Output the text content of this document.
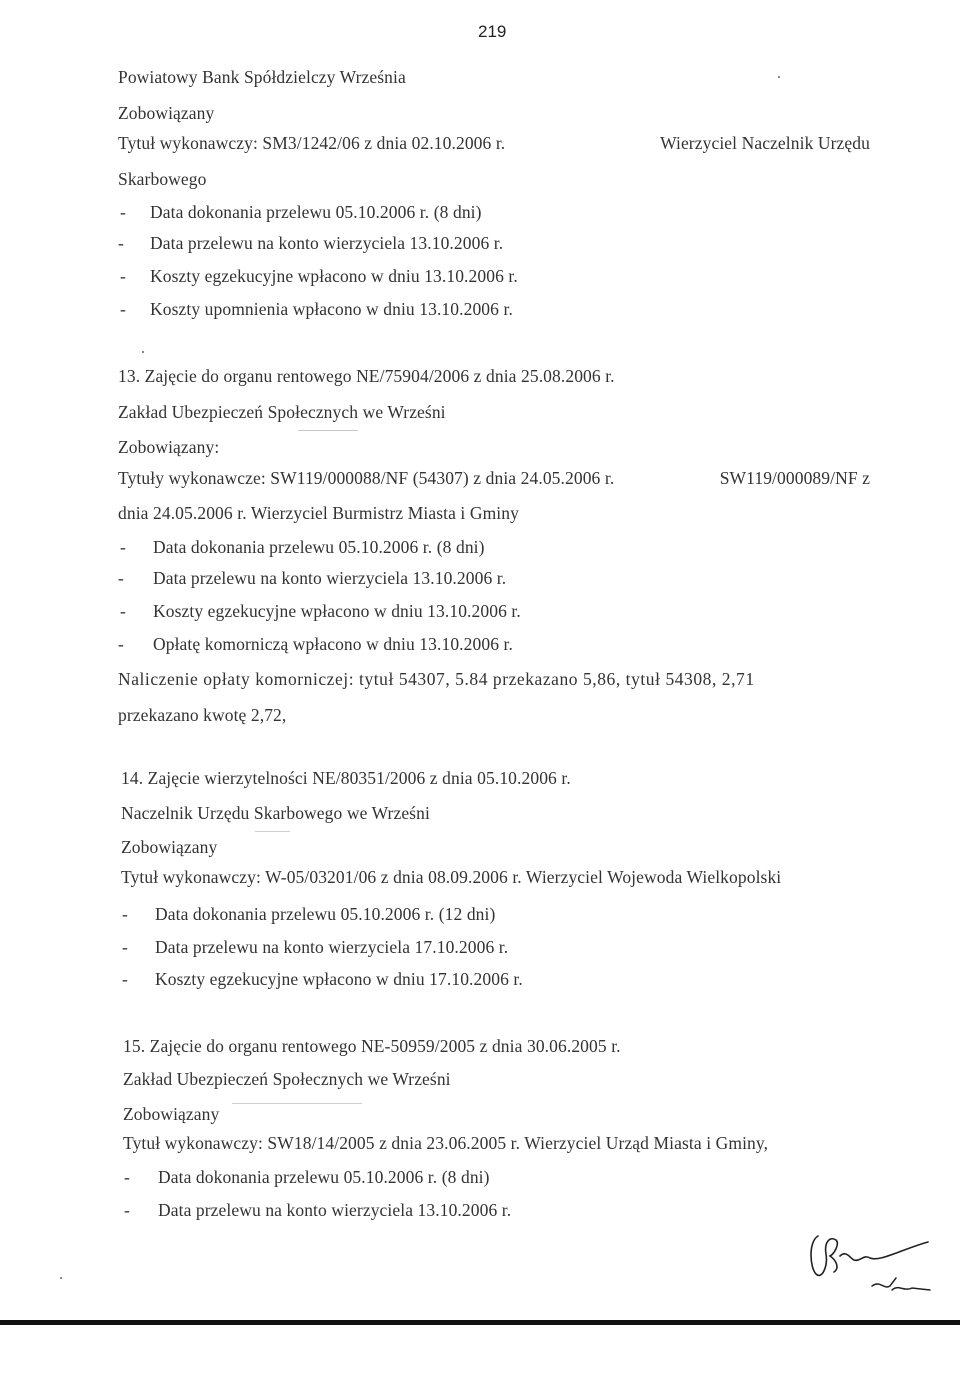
219
Powiatowy Bank Spółdzielczy Września
Zobowiązany
Tytuł wykonawczy: SM3/1242/06 z dnia 02.10.2006 r.	Wierzyciel Naczelnik Urzędu
Skarbowego
- Data dokonania przelewu 05.10.2006 r. (8 dni)
- Data przelewu na konto wierzyciela 13.10.2006 r.
- Koszty egzekucyjne wpłacono w dniu 13.10.2006 r.
- Koszty upomnienia wpłacono w dniu 13.10.2006 r.
13. Zajęcie do organu rentowego NE/75904/2006 z dnia 25.08.2006 r.
Zakład Ubezpieczeń Społecznych we Wrześni
Zobowiązany:
Tytuły wykonawcze: SW119/000088/NF (54307) z dnia 24.05.2006 r.	SW119/000089/NF z
dnia 24.05.2006 r. Wierzyciel Burmistrz Miasta i Gminy
- Data dokonania przelewu 05.10.2006 r. (8 dni)
- Data przelewu na konto wierzyciela 13.10.2006 r.
- Koszty egzekucyjne wpłacono w dniu 13.10.2006 r.
- Opłatę komorniczą wpłacono w dniu 13.10.2006 r.
Naliczenie opłaty komorniczej: tytuł 54307, 5.84 przekazano 5,86, tytuł 54308, 2,71
przekazano kwotę 2,72,
14. Zajęcie wierzytelności NE/80351/2006 z dnia 05.10.2006 r.
Naczelnik Urzędu Skarbowego we Wrześni
Zobowiązany
Tytuł wykonawczy: W-05/03201/06 z dnia 08.09.2006 r. Wierzyciel Wojewoda Wielkopolski
- Data dokonania przelewu 05.10.2006 r. (12 dni)
- Data przelewu na konto wierzyciela 17.10.2006 r.
- Koszty egzekucyjne wpłacono w dniu 17.10.2006 r.
15. Zajęcie do organu rentowego NE-50959/2005 z dnia 30.06.2005 r.
Zakład Ubezpieczeń Społecznych we Wrześni
Zobowiązany
Tytuł wykonawczy: SW18/14/2005 z dnia 23.06.2005 r. Wierzyciel Urząd Miasta i Gminy,
- Data dokonania przelewu 05.10.2006 r. (8 dni)
- Data przelewu na konto wierzyciela 13.10.2006 r.
